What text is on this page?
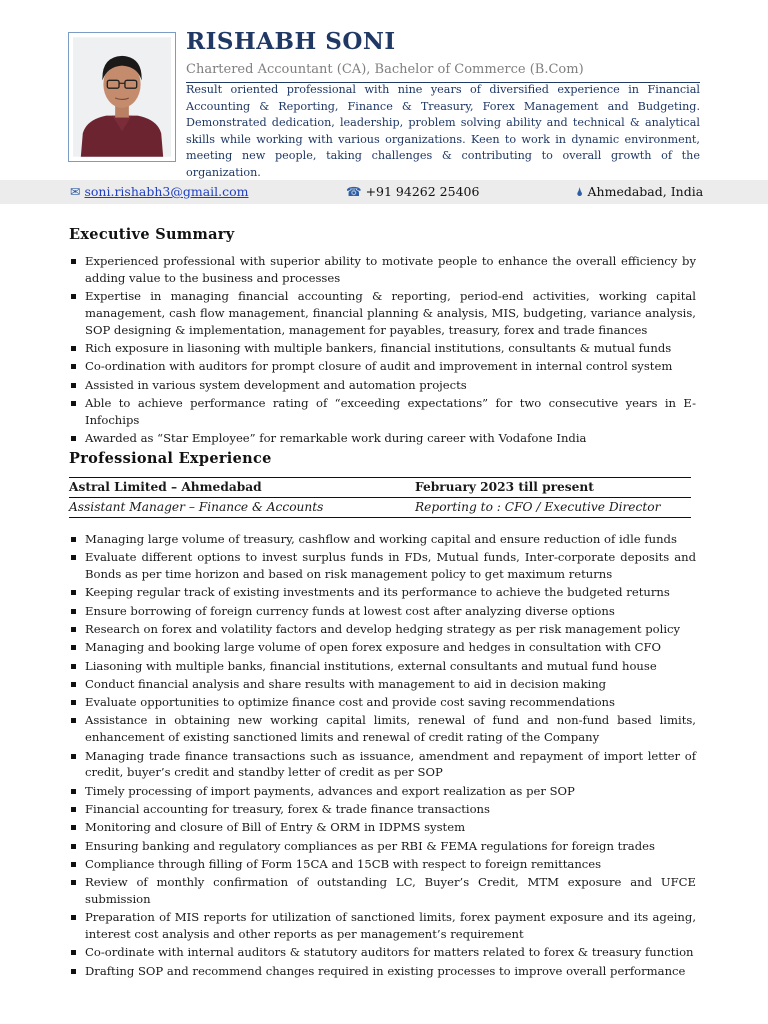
RISHABH SONI
Chartered Accountant (CA), Bachelor of Commerce (B.Com)
Result oriented professional with nine years of diversified experience in Financial Accounting & Reporting, Finance & Treasury, Forex Management and Budgeting. Demonstrated dedication, leadership, problem solving ability and technical & analytical skills while working with various organizations. Keen to work in dynamic environment, meeting new people, taking challenges & contributing to overall growth of the organization.
✉ soni.rishabh3@gmail.com	☎ +91 94262 25406	🌢 Ahmedabad, India
Executive Summary
Experienced professional with superior ability to motivate people to enhance the overall efficiency by adding value to the business and processes
Expertise in managing financial accounting & reporting, period-end activities, working capital management, cash flow management, financial planning & analysis, MIS, budgeting, variance analysis, SOP designing & implementation, management for payables, treasury, forex and trade finances
Rich exposure in liasoning with multiple bankers, financial institutions, consultants & mutual funds
Co-ordination with auditors for prompt closure of audit and improvement in internal control system
Assisted in various system development and automation projects
Able to achieve performance rating of “exceeding expectations” for two consecutive years in E-Infochips
Awarded as “Star Employee” for remarkable work during career with Vodafone India
Professional Experience
Astral Limited – Ahmedabad	February 2023 till present
Assistant Manager – Finance & Accounts	Reporting to : CFO / Executive Director
Managing large volume of treasury, cashflow and working capital and ensure reduction of idle funds
Evaluate different options to invest surplus funds in FDs, Mutual funds, Inter-corporate deposits and Bonds as per time horizon and based on risk management policy to get maximum returns
Keeping regular track of existing investments and its performance to achieve the budgeted returns
Ensure borrowing of foreign currency funds at lowest cost after analyzing diverse options
Research on forex and volatility factors and develop hedging strategy as per risk management policy
Managing and booking large volume of open forex exposure and hedges in consultation with CFO
Liasoning with multiple banks, financial institutions, external consultants and mutual fund house
Conduct financial analysis and share results with management to aid in decision making
Evaluate opportunities to optimize finance cost and provide cost saving recommendations
Assistance in obtaining new working capital limits, renewal of fund and non-fund based limits, enhancement of existing sanctioned limits and renewal of credit rating of the Company
Managing trade finance transactions such as issuance, amendment and repayment of import letter of credit, buyer’s credit and standby letter of credit as per SOP
Timely processing of import payments, advances and export realization as per SOP
Financial accounting for treasury, forex & trade finance transactions
Monitoring and closure of Bill of Entry & ORM in IDPMS system
Ensuring banking and regulatory compliances as per RBI & FEMA regulations for foreign trades
Compliance through filling of Form 15CA and 15CB with respect to foreign remittances
Review of monthly confirmation of outstanding LC, Buyer’s Credit, MTM exposure and UFCE submission
Preparation of MIS reports for utilization of sanctioned limits, forex payment exposure and its ageing, interest cost analysis and other reports as per management’s requirement
Co-ordinate with internal auditors & statutory auditors for matters related to forex & treasury function
Drafting SOP and recommend changes required in existing processes to improve overall performance
